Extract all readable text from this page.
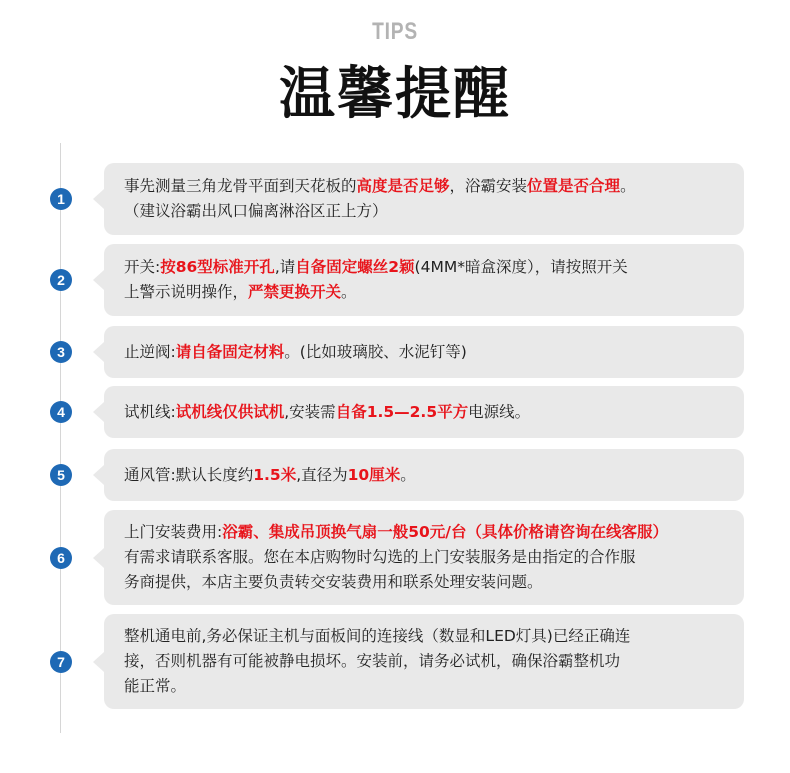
TIPS
温馨提醒
1
事先测量三角龙骨平面到天花板的高度是否足够，浴霸安装位置是否合理。
（建议浴霸出风口偏离淋浴区正上方）
2
开关:按86型标准开孔,请自备固定螺丝2颖(4MM*暗盒深度），请按照开关
上警示说明操作，严禁更换开关。
3	止逆阀:请自备固定材料。(比如玻璃胶、水泥钉等)
4	试机线:试机线仅供试机,安装需自备1.5—2.5平方电源线。
5	通风管:默认长度约1.5米,直径为10厘米。
6
上门安装费用:浴霸、集成吊顶换气扇一般50元/台（具体价格请咨询在线客服）
有需求请联系客服。您在本店购物时勾选的上门安装服务是由指定的合作服
务商提供，本店主要负责转交安装费用和联系处理安装问题。
7
整机通电前,务必保证主机与面板间的连接线（数显和LED灯具)已经正确连
接，否则机器有可能被静电损坏。安装前，请务必试机，确保浴霸整机功
能正常。
